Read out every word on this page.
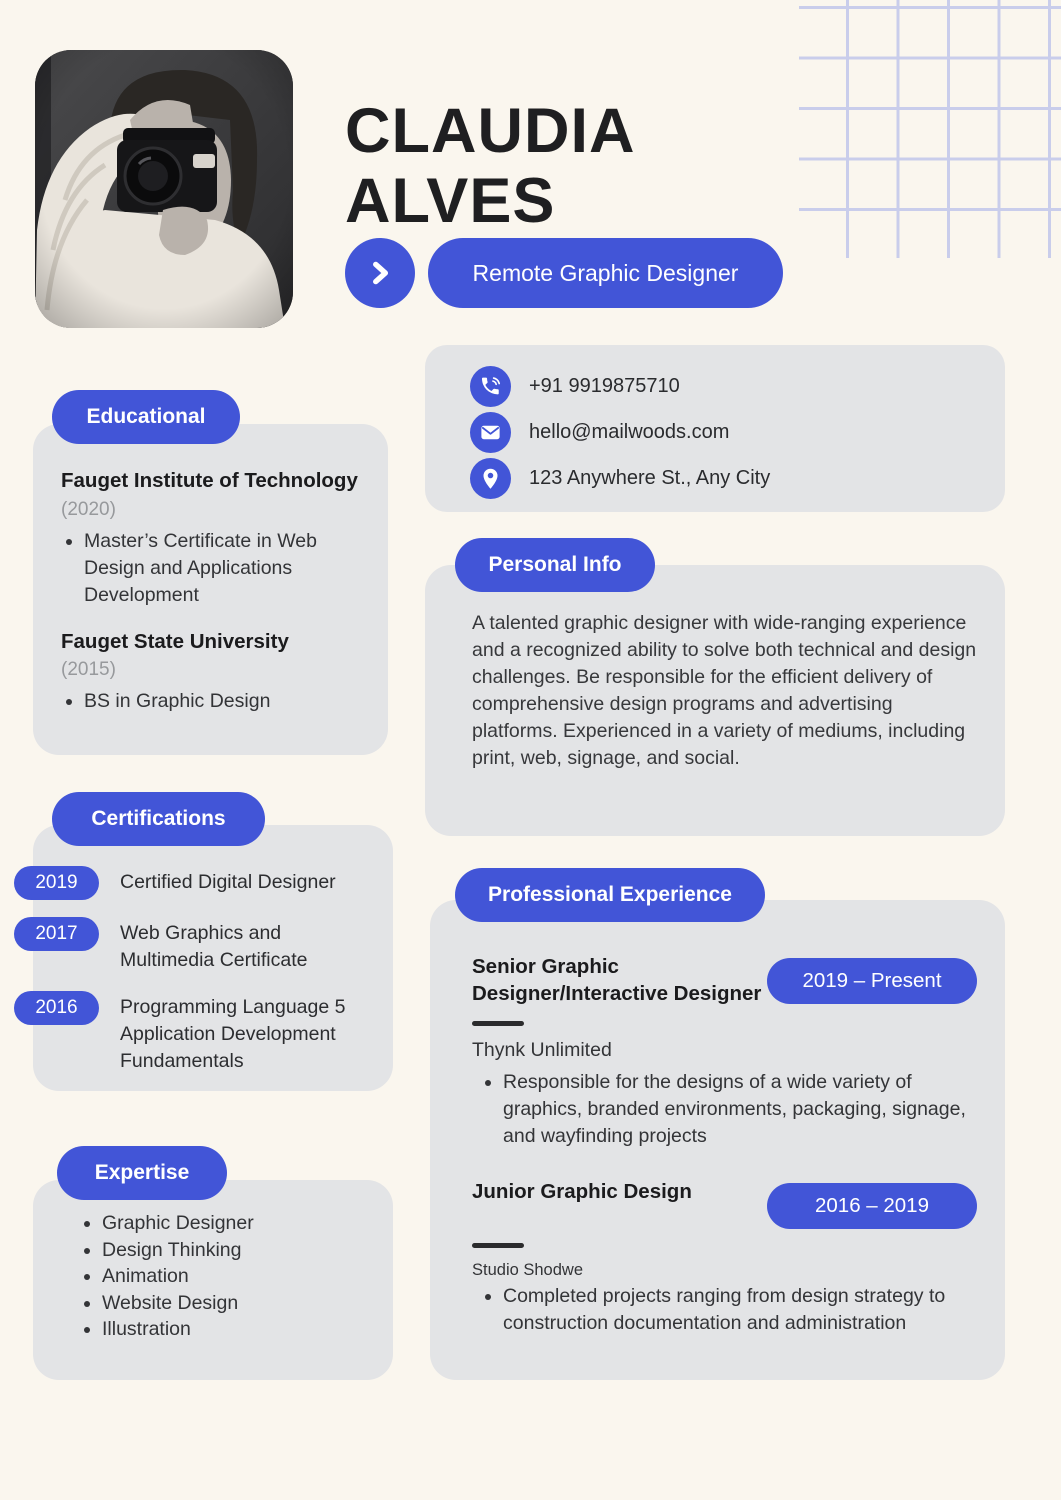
CLAUDIA ALVES
Remote Graphic Designer
+91 9919875710
hello@mailwoods.com
123 Anywhere St., Any City
Educational
Fauget Institute of Technology
(2020)
• Master’s Certificate in Web Design and Applications Development
Fauget State University
(2015)
• BS in Graphic Design
Certifications
2019	Certified Digital Designer
2017	Web Graphics and Multimedia Certificate
2016	Programming Language 5 Application Development Fundamentals
Expertise
• Graphic Designer
• Design Thinking
• Animation
• Website Design
• Illustration
Personal Info

A talented graphic designer with wide-ranging experience and a recognized ability to solve both technical and design challenges. Be responsible for the efficient delivery of comprehensive design programs and advertising platforms. Experienced in a variety of mediums, including print, web, signage, and social.

Professional Experience
Senior Graphic Designer/Interactive Designer
2019 – Present
Thynk Unlimited
• Responsible for the designs of a wide variety of graphics, branded environments, packaging, signage, and wayfinding projects
Junior Graphic Design
2016 – 2019
Studio Shodwe
• Completed projects ranging from design strategy to construction documentation and administration
